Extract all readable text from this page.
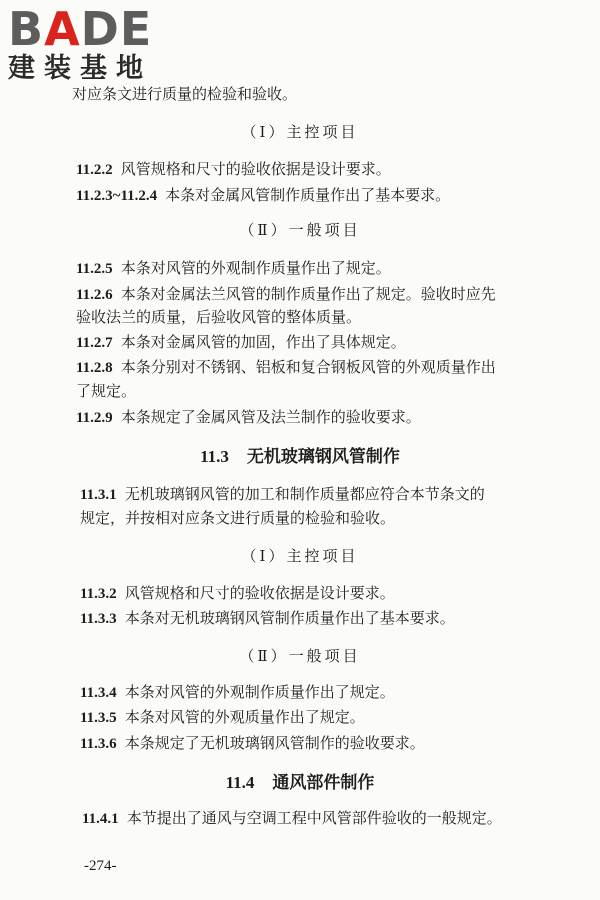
BADE
建装基地
对应条文进行质量的检验和验收。
（Ⅰ）主控项目
11.2.2 风管规格和尺寸的验收依据是设计要求。
11.2.3~11.2.4 本条对金属风管制作质量作出了基本要求。
（Ⅱ）一般项目
11.2.5 本条对风管的外观制作质量作出了规定。
11.2.6 本条对金属法兰风管的制作质量作出了规定。验收时应先
验收法兰的质量，后验收风管的整体质量。
11.2.7 本条对金属风管的加固，作出了具体规定。
11.2.8 本条分别对不锈钢、铝板和复合钢板风管的外观质量作出
了规定。
11.2.9 本条规定了金属风管及法兰制作的验收要求。
11.3 无机玻璃钢风管制作
11.3.1 无机玻璃钢风管的加工和制作质量都应符合本节条文的
规定，并按相对应条文进行质量的检验和验收。
（Ⅰ）主控项目
11.3.2 风管规格和尺寸的验收依据是设计要求。
11.3.3 本条对无机玻璃钢风管制作质量作出了基本要求。
（Ⅱ）一般项目
11.3.4 本条对风管的外观制作质量作出了规定。
11.3.5 本条对风管的外观质量作出了规定。
11.3.6 本条规定了无机玻璃钢风管制作的验收要求。
11.4 通风部件制作
11.4.1 本节提出了通风与空调工程中风管部件验收的一般规定。
-274-
